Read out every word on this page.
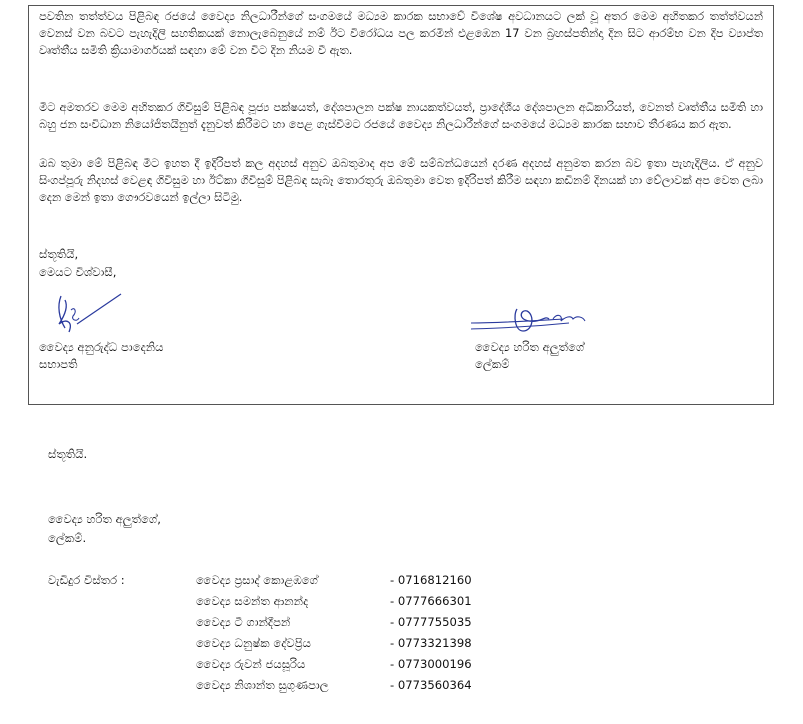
පවතින තත්ත්වය පිළිබඳ රජයේ වෛද්‍ය නිලධාරීන්ගේ සංගමයේ මධ්‍යම කාරක සභාවේ විශේෂ අවධානයට ලක් වූ අතර මෙම අහිතකර තත්ත්වයන් වෙනස් වන බවට පැහැදිලි සහතිකයක් නොලැබෙනුයේ නම් ඊට විරෝධය පල කරමින් එළඹෙන 17 වන බ්‍රහස්පතින්දා දින සිට ආරම්භ වන දිප ව්‍යාප්ත වෘත්තීය සමිති ක්‍රියාමාර්ගයක් සඳහා මේ වන විට දින නියම වී ඇත.

මීට අමතරව මෙම අහිතකර ගිවිසුම් පිළිබඳ පූජ්‍ය පක්ෂයත්, දේශපාලන පක්ෂ නායකත්වයත්, ප්‍රාදේශීය දේශපාලන අධිකාරියත්, වෙනත් වෘත්තීය සමිති හා බහු ජන සංවිධාන නියෝජිතයිනුත් දැනුවත් කිරීමට හා පෙළ ගැස්වීමට රජයේ වෛද්‍ය නිලධාරීන්ගේ සංගමයේ මධ්‍යම කාරක සභාව තීරණය කර ඇත.

ඔබ තුමා මේ පිළිබඳ මීට ඉහත දී ඉදිරිපත් කල අදහස් අනුව ඔබතුමාද අප මේ සම්බන්ධයෙන් දරණ අදහස් අනුමත කරන බව ඉතා පැහැදිලිය. ඒ අනුව සිංගප්පූරු නිදහස් වෙළඳ ගිවිසුම හා ඊට්කා ගිවිසුම් පිළිබඳ සැබෑ තොරතුරු ඔබතුමා වෙත ඉදිරිපත් කිරීම සඳහා කඩිනම් දිනයක් හා වේලාවක් අප වෙත ලබා දෙන මෙන් ඉතා ගෞරවයෙන් ඉල්ලා සිටිමු.

ස්තූතියි,
මෙයට විශ්වාසී,
වෛද්‍ය අනුරුද්ධ පාදෙනිය
සභාපති
වෛද්‍ය හරිත අලුත්ගේ
ලේකම්
ස්තූතියි.
වෛද්‍ය හරිත අලුත්ගේ,
ලේකම්.
වැඩිදුර විස්තර :	වෛද්‍ය ප්‍රසාද් කොළඹගේ	- 0716812160
වෛද්‍ය සමන්ත ආනන්ද	- 0777666301
වෛද්‍ය ටී ගාන්දීපන්	- 0777755035
වෛද්‍ය ධනුෂ්ක දේවප්‍රිය	- 0773321398
වෛද්‍ය රුවන් ජයසූරිය	- 0773000196
වෛද්‍ය නිශාන්ත සුගුණපාල	- 0773560364
